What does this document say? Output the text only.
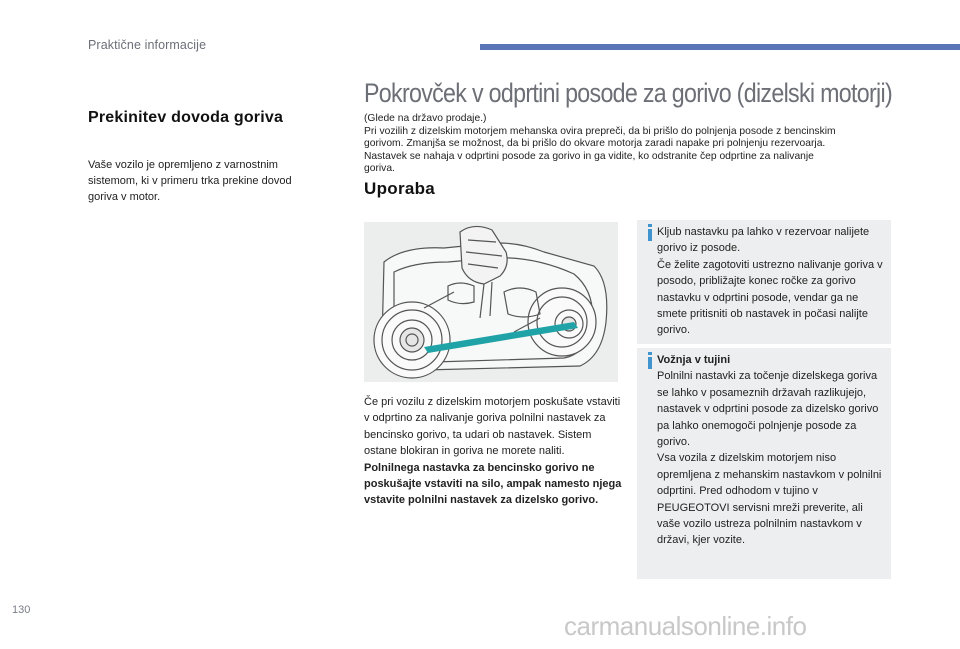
Praktične informacije
Prekinitev dovoda goriva
Vaše vozilo je opremljeno z varnostnim sistemom, ki v primeru trka prekine dovod goriva v motor.
Pokrovček v odprtini posode za gorivo (dizelski motorji)
(Glede na državo prodaje.)
Pri vozilih z dizelskim motorjem mehanska ovira prepreči, da bi prišlo do polnjenja posode z bencinskim
gorivom. Zmanjša se možnost, da bi prišlo do okvare motorja zaradi napake pri polnjenju rezervoarja.
Nastavek se nahaja v odprtini posode za gorivo in ga vidite, ko odstranite čep odprtine za nalivanje
goriva.
Uporaba
Če pri vozilu z dizelskim motorjem poskušate vstaviti v odprtino za nalivanje goriva polnilni nastavek za bencinsko gorivo, ta udari ob nastavek. Sistem ostane blokiran in goriva ne morete naliti.
Polnilnega nastavka za bencinsko gorivo ne poskušajte vstaviti na silo, ampak namesto njega vstavite polnilni nastavek za dizelsko gorivo.
Kljub nastavku pa lahko v rezervoar nalijete gorivo iz posode.
Če želite zagotoviti ustrezno nalivanje goriva v posodo, približajte konec ročke za gorivo nastavku v odprtini posode, vendar ga ne smete pritisniti ob nastavek in počasi nalijte gorivo.
Vožnja v tujini
Polnilni nastavki za točenje dizelskega goriva se lahko v posameznih državah razlikujejo, nastavek v odprtini posode za dizelsko gorivo pa lahko onemogoči polnjenje posode za gorivo.
Vsa vozila z dizelskim motorjem niso opremljena z mehanskim nastavkom v polnilni odprtini. Pred odhodom v tujino v PEUGEOTOVI servisni mreži preverite, ali vaše vozilo ustreza polnilnim nastavkom v državi, kjer vozite.
130
carmanualsonline.info
